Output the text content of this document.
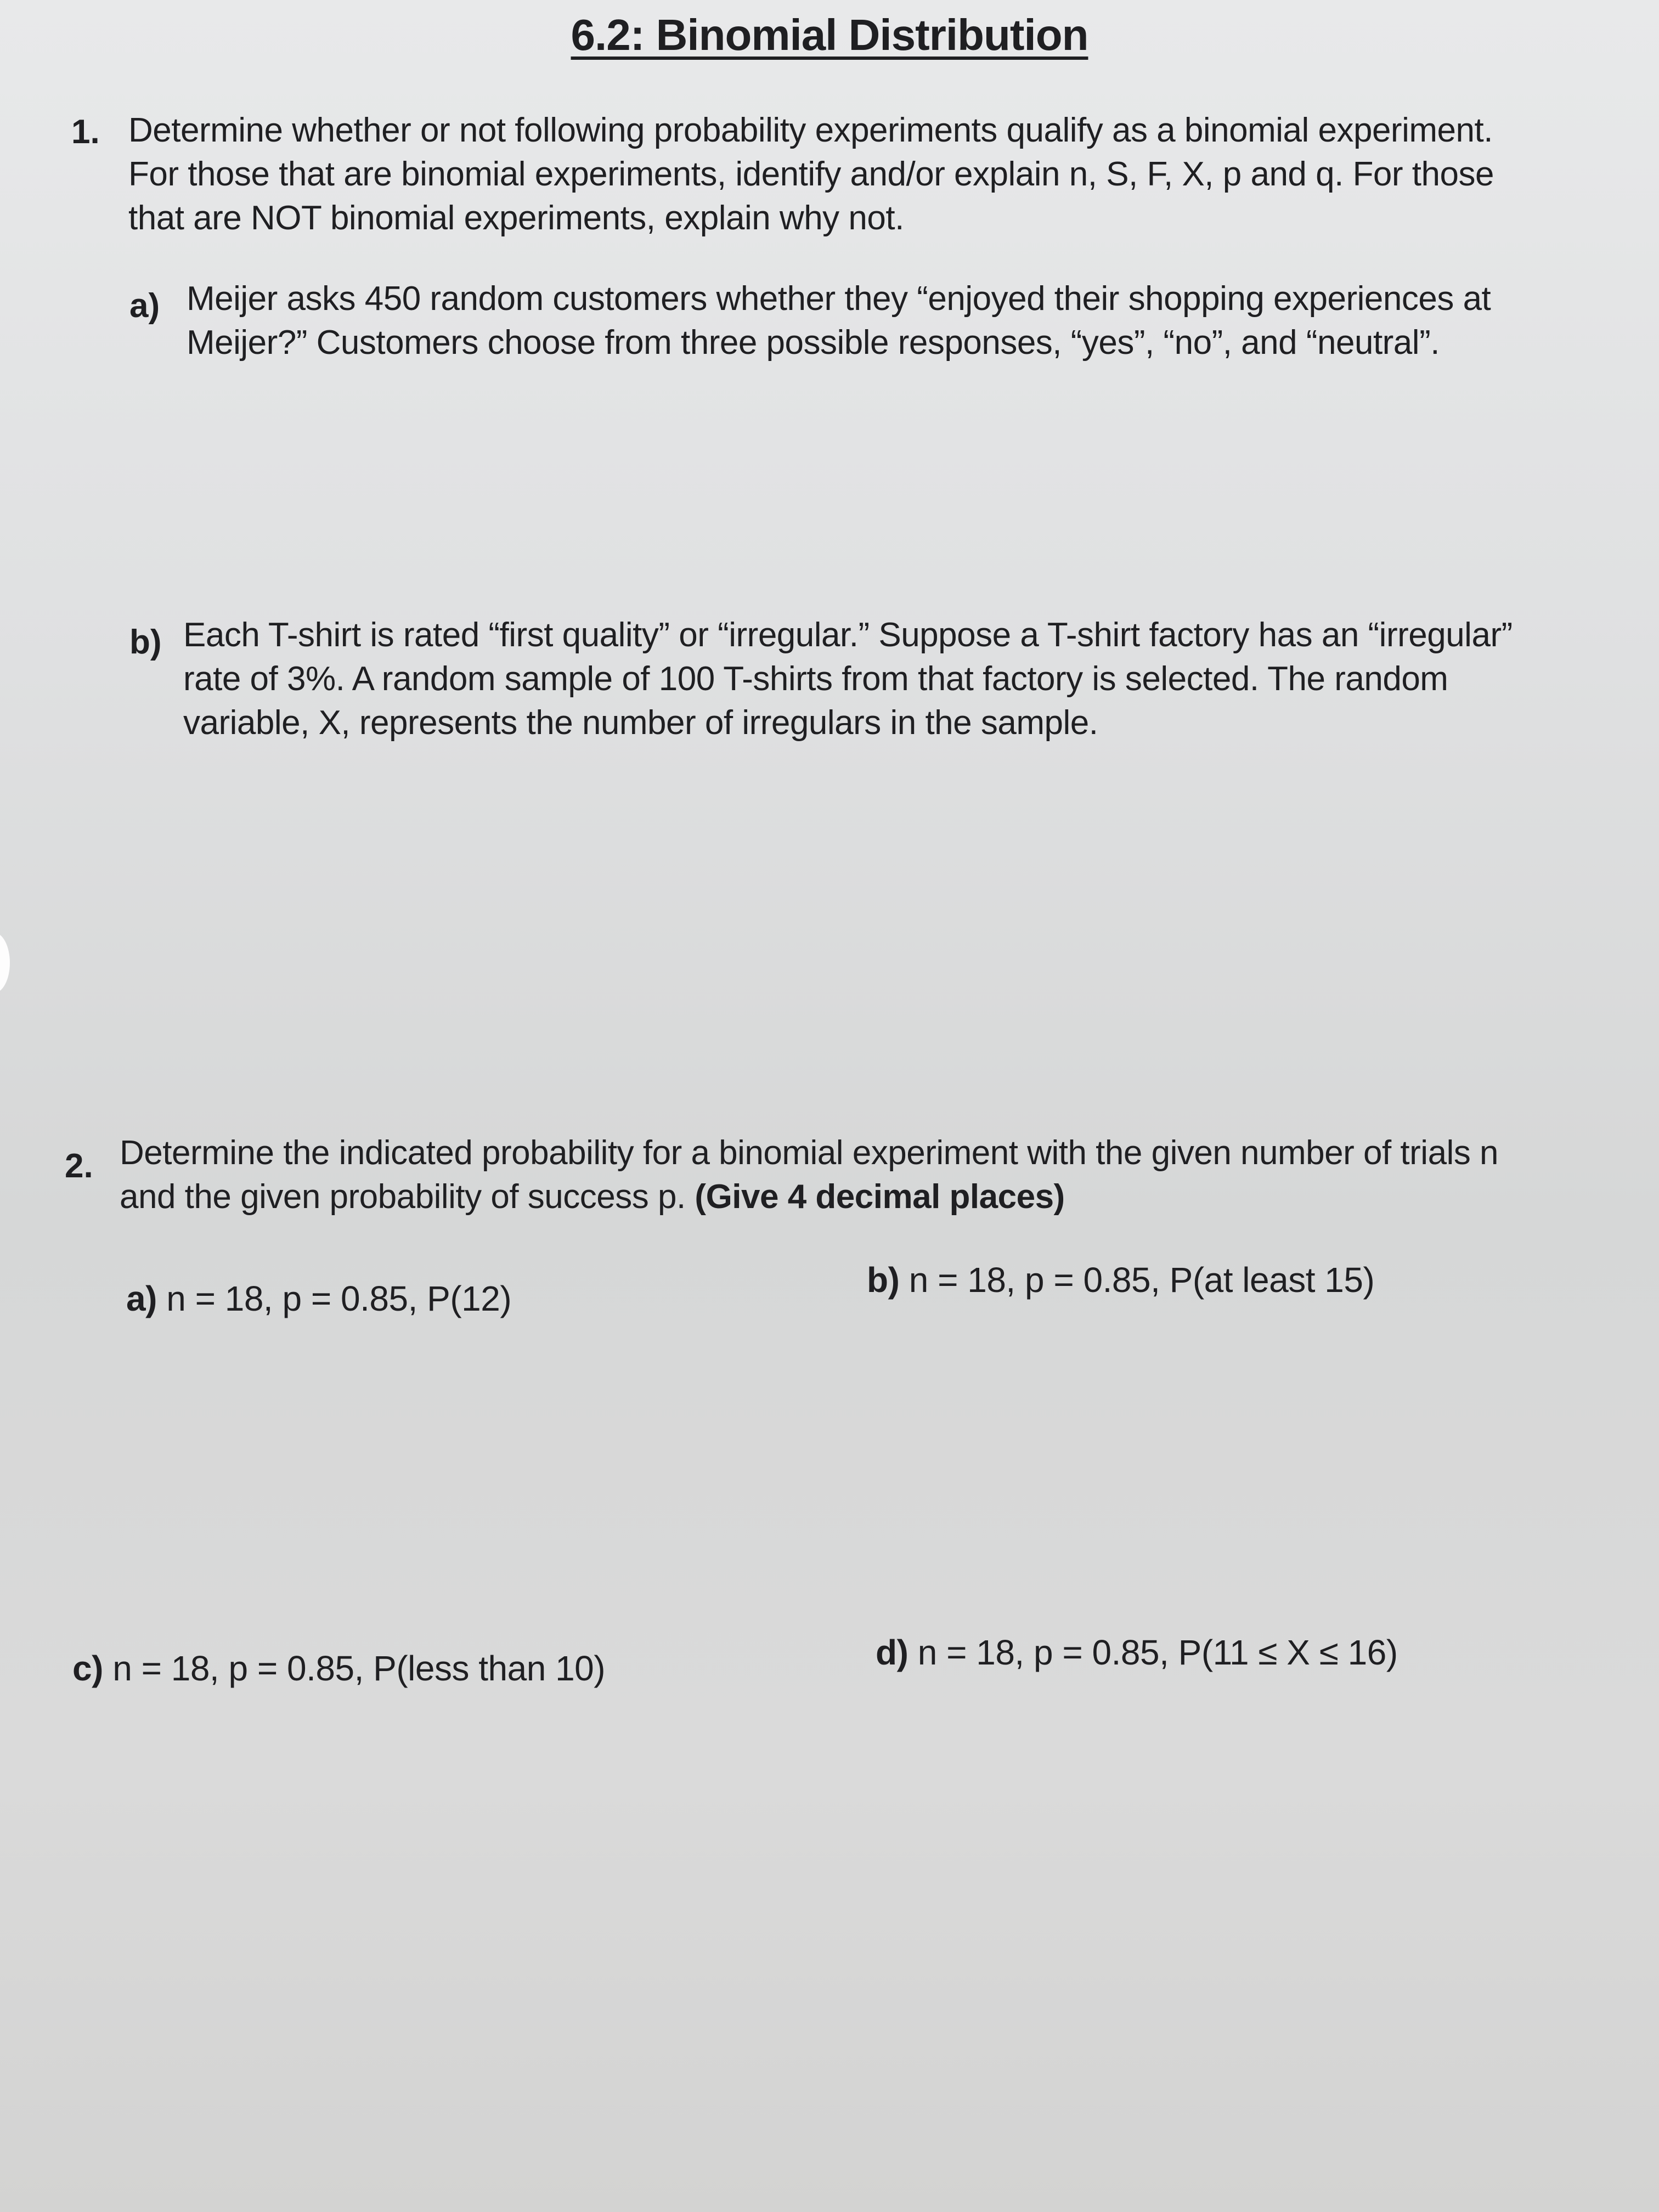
6.2: Binomial Distribution
1. Determine whether or not following probability experiments qualify as a binomial experiment.
For those that are binomial experiments, identify and/or explain n, S, F, X, p and q. For those
that are NOT binomial experiments, explain why not.
a) Meijer asks 450 random customers whether they “enjoyed their shopping experiences at
Meijer?” Customers choose from three possible responses, “yes”, “no”, and “neutral”.
b) Each T-shirt is rated “first quality” or “irregular.” Suppose a T-shirt factory has an “irregular”
rate of 3%. A random sample of 100 T-shirts from that factory is selected. The random
variable, X, represents the number of irregulars in the sample.
2. Determine the indicated probability for a binomial experiment with the given number of trials n
and the given probability of success p. (Give 4 decimal places)
a) n = 18, p = 0.85, P(12)	b) n = 18, p = 0.85, P(at least 15)
c) n = 18, p = 0.85, P(less than 10)	d) n = 18, p = 0.85, P(11 ≤ X ≤ 16)
